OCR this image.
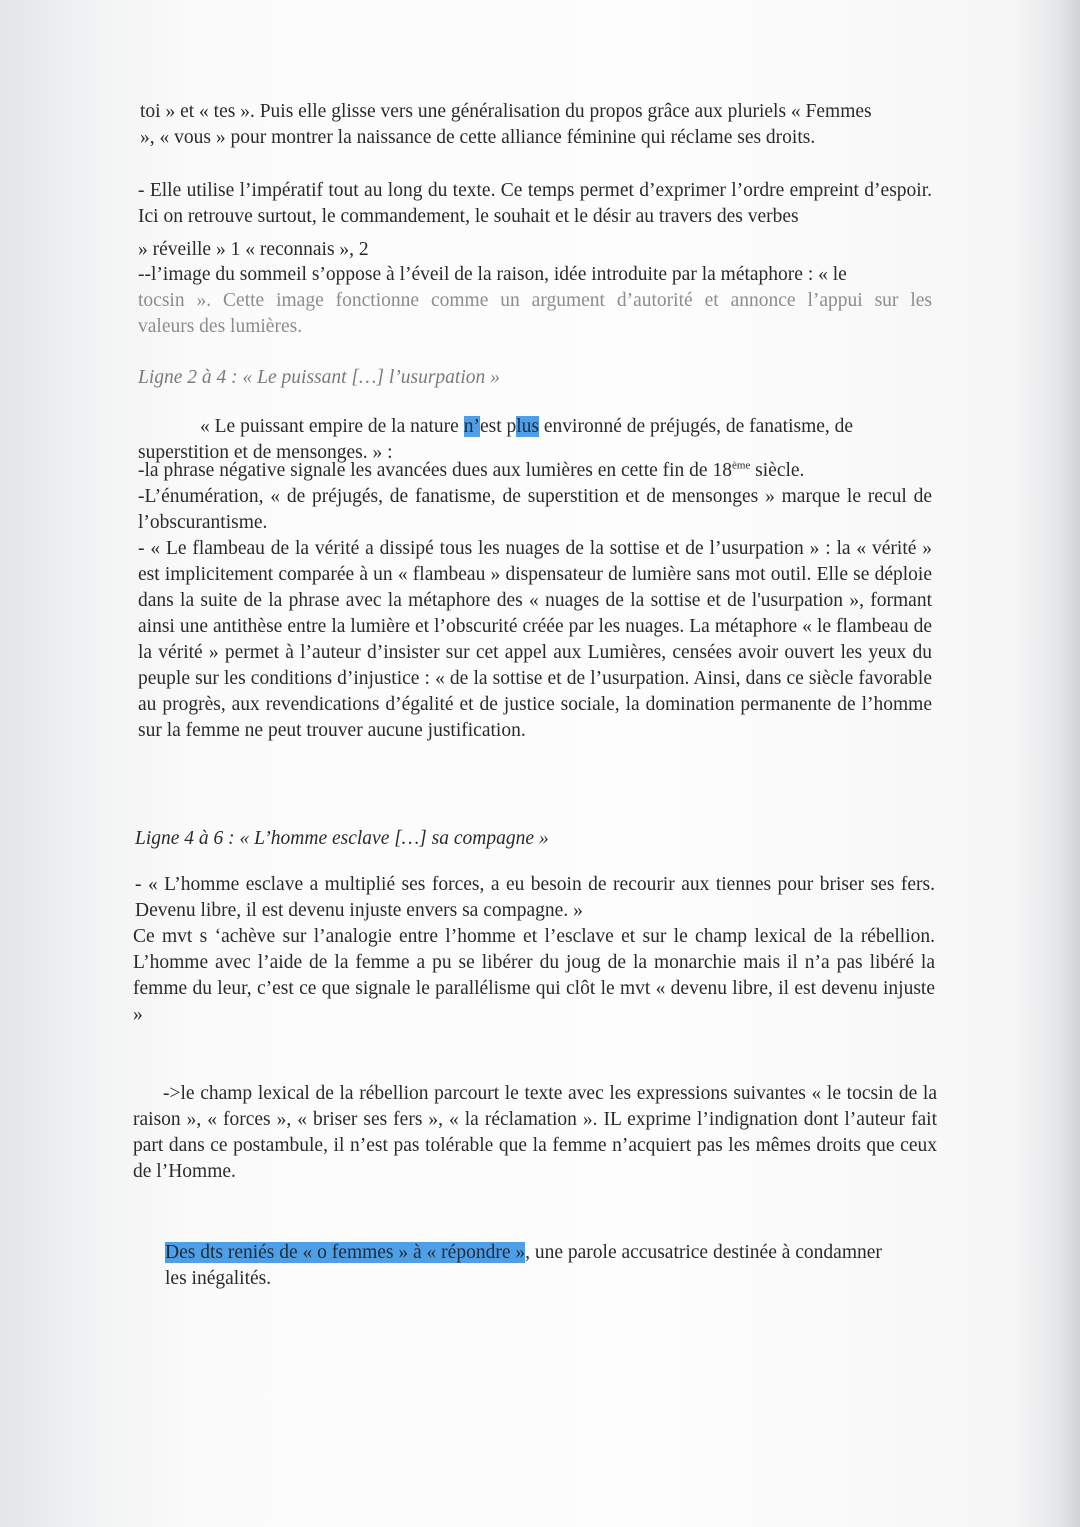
toi » et « tes ». Puis elle glisse vers une généralisation du propos grâce aux pluriels « Femmes
», « vous » pour montrer la naissance de cette alliance féminine qui réclame ses droits.

- Elle utilise l’impératif tout au long du texte. Ce temps permet d’exprimer l’ordre empreint d’espoir. Ici on retrouve surtout, le commandement, le souhait et le désir au travers des verbes

» réveille » 1 « reconnais », 2

--l’image du sommeil s’oppose à l’éveil de la raison, idée introduite par la métaphore : « le

tocsin ». Cette image fonctionne comme un argument d’autorité et annonce l’appui sur les

valeurs des lumières.

Ligne 2 à 4 : « Le puissant […] l’usurpation »

« Le puissant empire de la nature n’est plus environné de préjugés, de fanatisme, de

superstition et de mensonges. » :

-la phrase négative signale les avancées dues aux lumières en cette fin de 18ème siècle.

-L’énumération, « de préjugés, de fanatisme, de superstition et de mensonges » marque le recul de l’obscurantisme.

- « Le flambeau de la vérité a dissipé tous les nuages de la sottise et de l’usurpation » : la « vérité » est implicitement comparée à un « flambeau » dispensateur de lumière sans mot outil. Elle se déploie dans la suite de la phrase avec la métaphore des « nuages de la sottise et de l'usurpation », formant ainsi une antithèse entre la lumière et l’obscurité créée par les nuages. La métaphore « le flambeau de la vérité » permet à l’auteur d’insister sur cet appel aux Lumières, censées avoir ouvert les yeux du peuple sur les conditions d’injustice : « de la sottise et de l’usurpation. Ainsi, dans ce siècle favorable au progrès, aux revendications d’égalité et de justice sociale, la domination permanente de l’homme sur la femme ne peut trouver aucune justification.

Ligne 4 à 6 : « L’homme esclave […] sa compagne »

- « L’homme esclave a multiplié ses forces, a eu besoin de recourir aux tiennes pour briser ses fers. Devenu libre, il est devenu injuste envers sa compagne. »

Ce mvt s ‘achève sur l’analogie entre l’homme et l’esclave et sur le champ lexical de la rébellion. L’homme avec l’aide de la femme a pu se libérer du joug de la monarchie mais il n’a pas libéré la femme du leur, c’est ce que signale le parallélisme qui clôt le mvt « devenu libre, il est devenu injuste »

->le champ lexical de la rébellion parcourt le texte avec les expressions suivantes « le tocsin de la raison », « forces », « briser ses fers », « la réclamation ». IL exprime l’indignation dont l’auteur fait part dans ce postambule, il n’est pas tolérable que la femme n’acquiert pas les mêmes droits que ceux de l’Homme.

Des dts reniés de « o femmes » à « répondre », une parole accusatrice destinée à condamner
les inégalités.
